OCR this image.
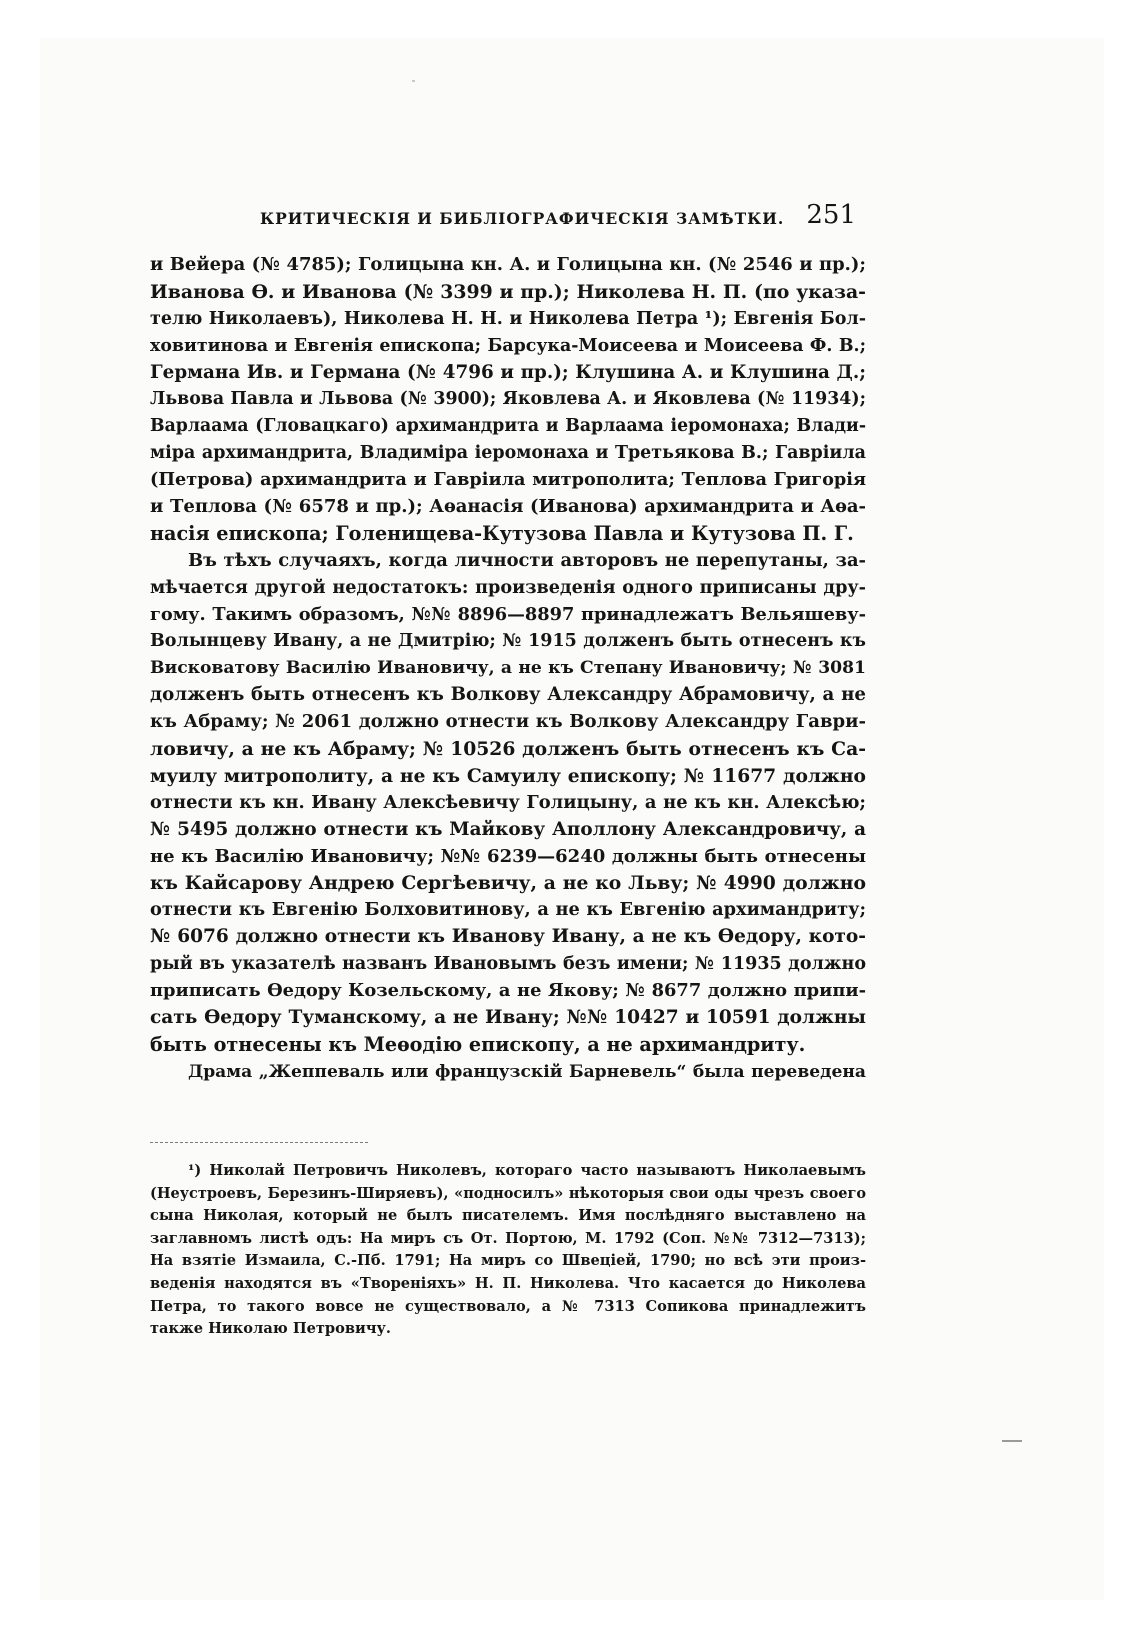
КРИТИЧЕСКІЯ И БИБЛІОГРАФИЧЕСКІЯ ЗАМѢТКИ. 251
и Вейера (№ 4785); Голицына кн. А. и Голицына кн. (№ 2546 и пр.);
Иванова Ѳ. и Иванова (№ 3399 и пр.); Николева Н. П. (по указа-
телю Николаевъ), Николева Н. Н. и Николева Петра ¹); Евгенія Бол-
ховитинова и Евгенія епископа; Барсука-Моисеева и Моисеева Ф. В.;
Германа Ив. и Германа (№ 4796 и пр.); Клушина А. и Клушина Д.;
Львова Павла и Львова (№ 3900); Яковлева А. и Яковлева (№ 11934);
Варлаама (Гловацкаго) архимандрита и Варлаама іеромонаха; Влади-
міра архимандрита, Владиміра іеромонаха и Третьякова В.; Гавріила
(Петрова) архимандрита и Гавріила митрополита; Теплова Григорія
и Теплова (№ 6578 и пр.); Аѳанасія (Иванова) архимандрита и Аѳа-
насія епископа; Голенищева-Кутузова Павла и Кутузова П. Г.
Въ тѣхъ случаяхъ, когда личности авторовъ не перепутаны, за-
мѣчается другой недостатокъ: произведенія одного приписаны дру-
гому. Такимъ образомъ, №№ 8896—8897 принадлежатъ Вельяшеву-
Волынцеву Ивану, а не Дмитрію; № 1915 долженъ быть отнесенъ къ
Висковатову Василію Ивановичу, а не къ Степану Ивановичу; № 3081
долженъ быть отнесенъ къ Волкову Александру Абрамовичу, а не
къ Абраму; № 2061 должно отнести къ Волкову Александру Гаври-
ловичу, а не къ Абраму; № 10526 долженъ быть отнесенъ къ Са-
муилу митрополиту, а не къ Самуилу епископу; № 11677 должно
отнести къ кн. Ивану Алексѣевичу Голицыну, а не къ кн. Алексѣю;
№ 5495 должно отнести къ Майкову Аполлону Александровичу, а
не къ Василію Ивановичу; №№ 6239—6240 должны быть отнесены
къ Кайсарову Андрею Сергѣевичу, а не ко Льву; № 4990 должно
отнести къ Евгенію Болховитинову, а не къ Евгенію архимандриту;
№ 6076 должно отнести къ Иванову Ивану, а не къ Ѳедору, кото-
рый въ указателѣ названъ Ивановымъ безъ имени; № 11935 должно
приписать Ѳедору Козельскому, а не Якову; № 8677 должно припи-
сать Ѳедору Туманскому, а не Ивану; №№ 10427 и 10591 должны
быть отнесены къ Меѳодію епископу, а не архимандриту.
Драма „Жеппеваль или французскій Барневель“ была переведена
¹) Николай Петровичъ Николевъ, котораго часто называютъ Николаевымъ
(Неустроевъ, Березинъ-Ширяевъ), «подносилъ» нѣкоторыя свои оды чрезъ своего
сына Николая, который не былъ писателемъ. Имя послѣдняго выставлено на
заглавномъ листѣ одъ: На миръ съ От. Портою, М. 1792 (Соп. №№ 7312—7313);
На взятіе Измаила, С.-Пб. 1791; На миръ со Швеціей, 1790; но всѣ эти произ-
веденія находятся въ «Твореніяхъ» Н. П. Николева. Что касается до Николева
Петра, то такого вовсе не существовало, а № 7313 Сопикова принадлежитъ
также Николаю Петровичу.
